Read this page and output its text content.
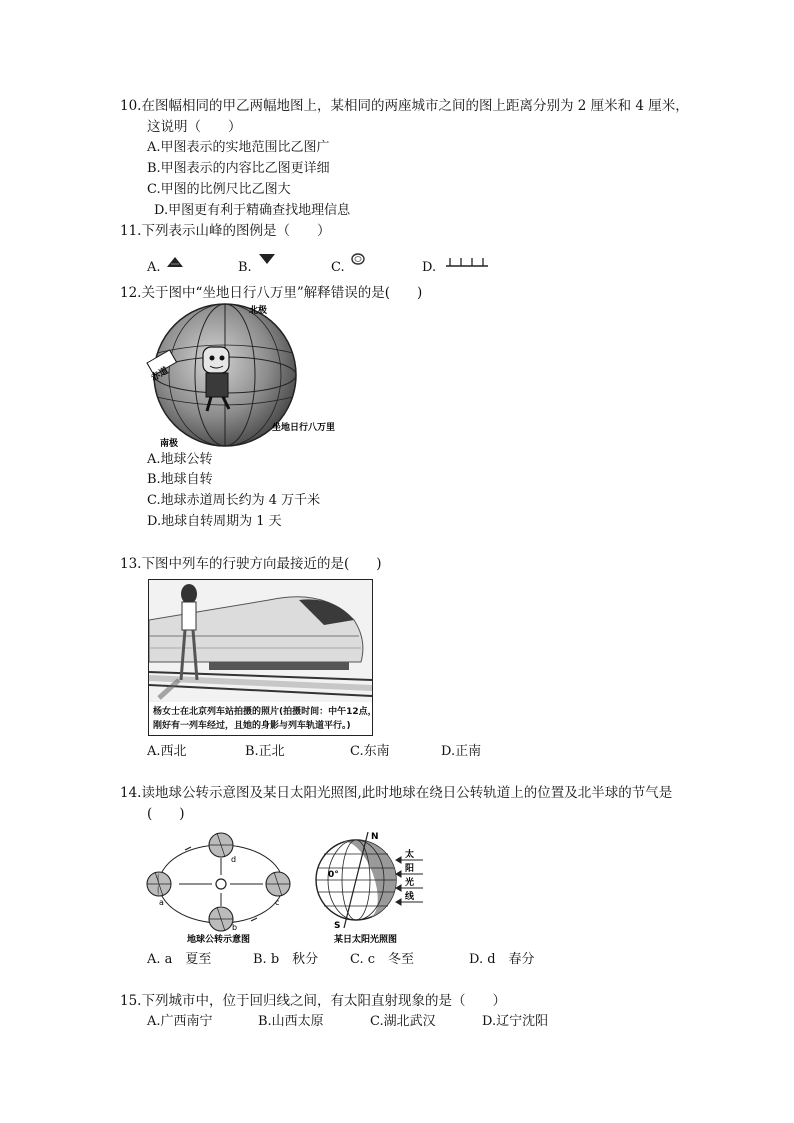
10.在图幅相同的甲乙两幅地图上，某相同的两座城市之间的图上距离分别为 2 厘米和 4 厘米，
这说明（　　）
A.甲图表示的实地范围比乙图广
B.甲图表示的内容比乙图更详细
C.甲图的比例尺比乙图大
D.甲图更有利于精确查找地理信息
11.下列表示山峰的图例是（　　）
A.	B.	C.	D.
12.关于图中“坐地日行八万里”解释错误的是(　　)
赤道
北极
南极
坐地日行八万里
A.地球公转
B.地球自转
C.地球赤道周长约为 4 万千米
D.地球自转周期为 1 天
13.下图中列车的行驶方向最接近的是(　　)
杨女士在北京列车站拍摄的照片(拍摄时间：中午12点，
刚好有一列车经过，且她的身影与列车轨道平行。)
A.西北	B.正北	C.东南	D.正南
14.读地球公转示意图及某日太阳光照图,此时地球在绕日公转轨道上的位置及北半球的节气是
(　　)
a
b
c
d
地球公转示意图
N
S
0°
太
阳
光
线
某日太阳光照图
A. a　夏至	B. b　秋分 C. c　冬至	D. d　春分
15.下列城市中，位于回归线之间，有太阳直射现象的是（　　）
A.广西南宁	B.山西太原	C.湖北武汉	D.辽宁沈阳
